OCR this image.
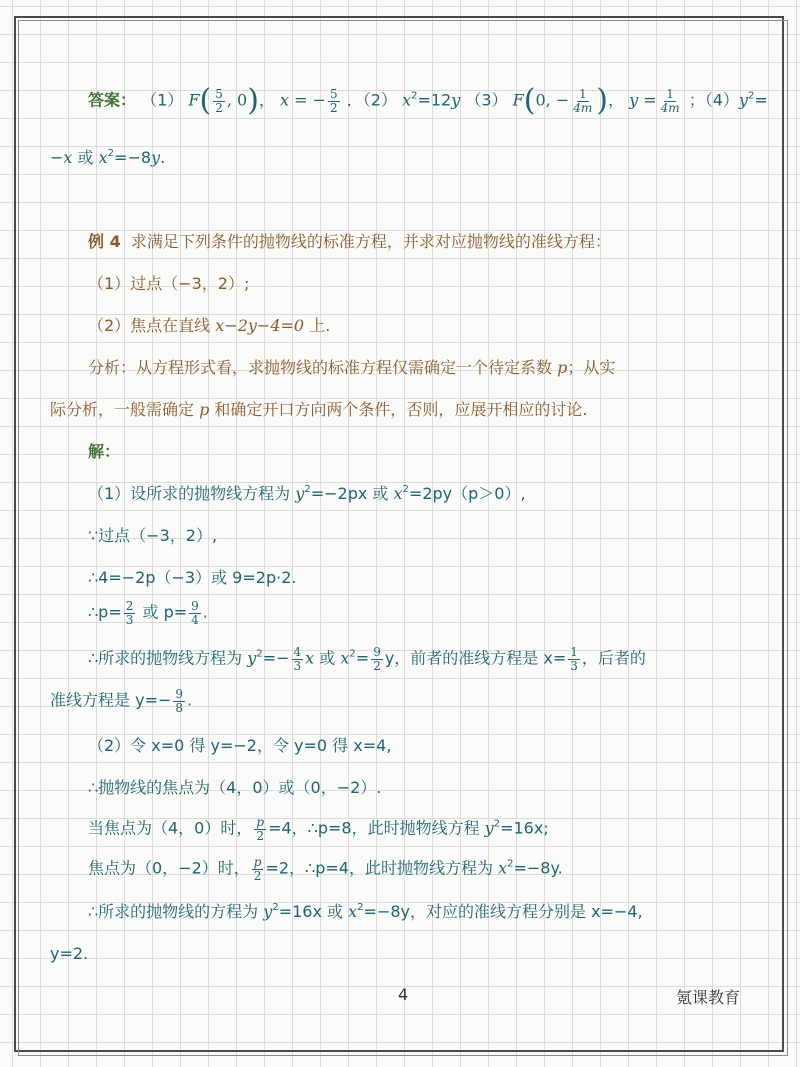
答案： （1） $F( \frac{5}{2}$ , 0)， x = − $\frac{5}{2}$ ．（2） $x^2=12y$ （3） F(0, − $\frac{1}{4m}$ )， $y = \frac{1}{4m}$ ；$(4)y^2=$
−x 或 $x^2=-8y$.
例 4 求满足下列条件的抛物线的标准方程，并求对应抛物线的准线方程：
（1）过点（−3，2）;
（2）焦点在直线 x−2y−4=0 上.
分析：从方程形式看，求抛物线的标准方程仅需确定一个待定系数 p；从实
际分析，一般需确定 p 和确定开口方向两个条件，否则，应展开相应的讨论.
解：
（1）设所求的抛物线方程为 $y^2=-2px$ 或 $x^2=2py(p>0)$,
∵过点（−3，2）,
∴4=−2p（−3）或 9=2p·2.
∴p= $\frac{2}{3}$ 或 $p= \frac{9}{4}$ .
∴所求的抛物线方程为 $y^2=- \frac{4}{3}$ x 或 $x^2= \frac{9}{2}$ y，前者的准线方程是 $x= \frac{1}{3}$ ，后者的
准线方程是 $y=- \frac{9}{8}$ .
（2）令 x=0 得 y=−2，令 y=0 得 x=4,
∴抛物线的焦点为（4，0）或（0，−2）.
当焦点为（4，0）时， $\frac{p}{2} =4$，∴p=8，此时抛物线方程 $y^2=16x$;
焦点为（0，−2）时， $\frac{p}{2} =2$，∴p=4，此时抛物线方程为 $x^2=-8y$.
∴所求的抛物线的方程为 $y^2=16x$ 或 $x^2=-8y$，对应的准线方程分别是 x=−4,
y=2.
4	氪课教育
